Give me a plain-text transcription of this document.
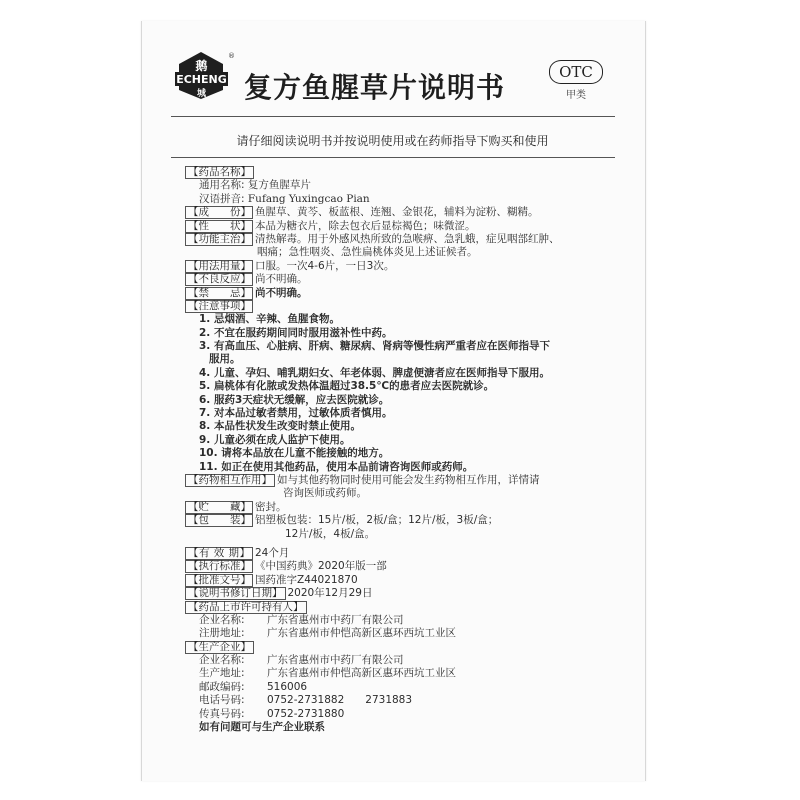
鹅
ECHENG
城
®
复方鱼腥草片说明书	OTC
甲类
请仔细阅读说明书并按说明使用或在药师指导下购买和使用
【药品名称】
通用名称: 复方鱼腥草片
汉语拼音: Fufang Yuxingcao Pian
【成　　份】 鱼腥草、黄芩、板蓝根、连翘、金银花，辅料为淀粉、糊精。
【性　　状】 本品为糖衣片，除去包衣后显棕褐色；味微涩。
【功能主治】 清热解毒。用于外感风热所致的急喉痹、急乳蛾，症见咽部红肿、
咽痛；急性咽炎、急性扁桃体炎见上述证候者。
【用法用量】 口服。一次4-6片，一日3次。
【不良反应】 尚不明确。
【禁　　忌】 尚不明确。
【注意事项】
1. 忌烟酒、辛辣、鱼腥食物。
2. 不宜在服药期间同时服用滋补性中药。
3. 有高血压、心脏病、肝病、糖尿病、肾病等慢性病严重者应在医师指导下
服用。
4. 儿童、孕妇、哺乳期妇女、年老体弱、脾虚便溏者应在医师指导下服用。
5. 扁桃体有化脓或发热体温超过38.5℃的患者应去医院就诊。
6. 服药3天症状无缓解，应去医院就诊。
7. 对本品过敏者禁用，过敏体质者慎用。
8. 本品性状发生改变时禁止使用。
9. 儿童必须在成人监护下使用。
10. 请将本品放在儿童不能接触的地方。
11. 如正在使用其他药品，使用本品前请咨询医师或药师。
【药物相互作用】 如与其他药物同时使用可能会发生药物相互作用，详情请
咨询医师或药师。
【贮　　藏】 密封。
【包　　装】 铝塑板包装：15片/板，2板/盒；12片/板，3板/盒；
12片/板，4板/盒。
【有 效 期】 24个月
【执行标准】 《中国药典》2020年版一部
【批准文号】 国药准字Z44021870
【说明书修订日期】 2020年12月29日
【药品上市许可持有人】
企业名称: 广东省惠州市中药厂有限公司
注册地址: 广东省惠州市仲恺高新区惠环西坑工业区
【生产企业】
企业名称: 广东省惠州市中药厂有限公司
生产地址: 广东省惠州市仲恺高新区惠环西坑工业区
邮政编码: 516006
电话号码: 0752-2731882　　2731883
传真号码: 0752-2731880
如有问题可与生产企业联系
